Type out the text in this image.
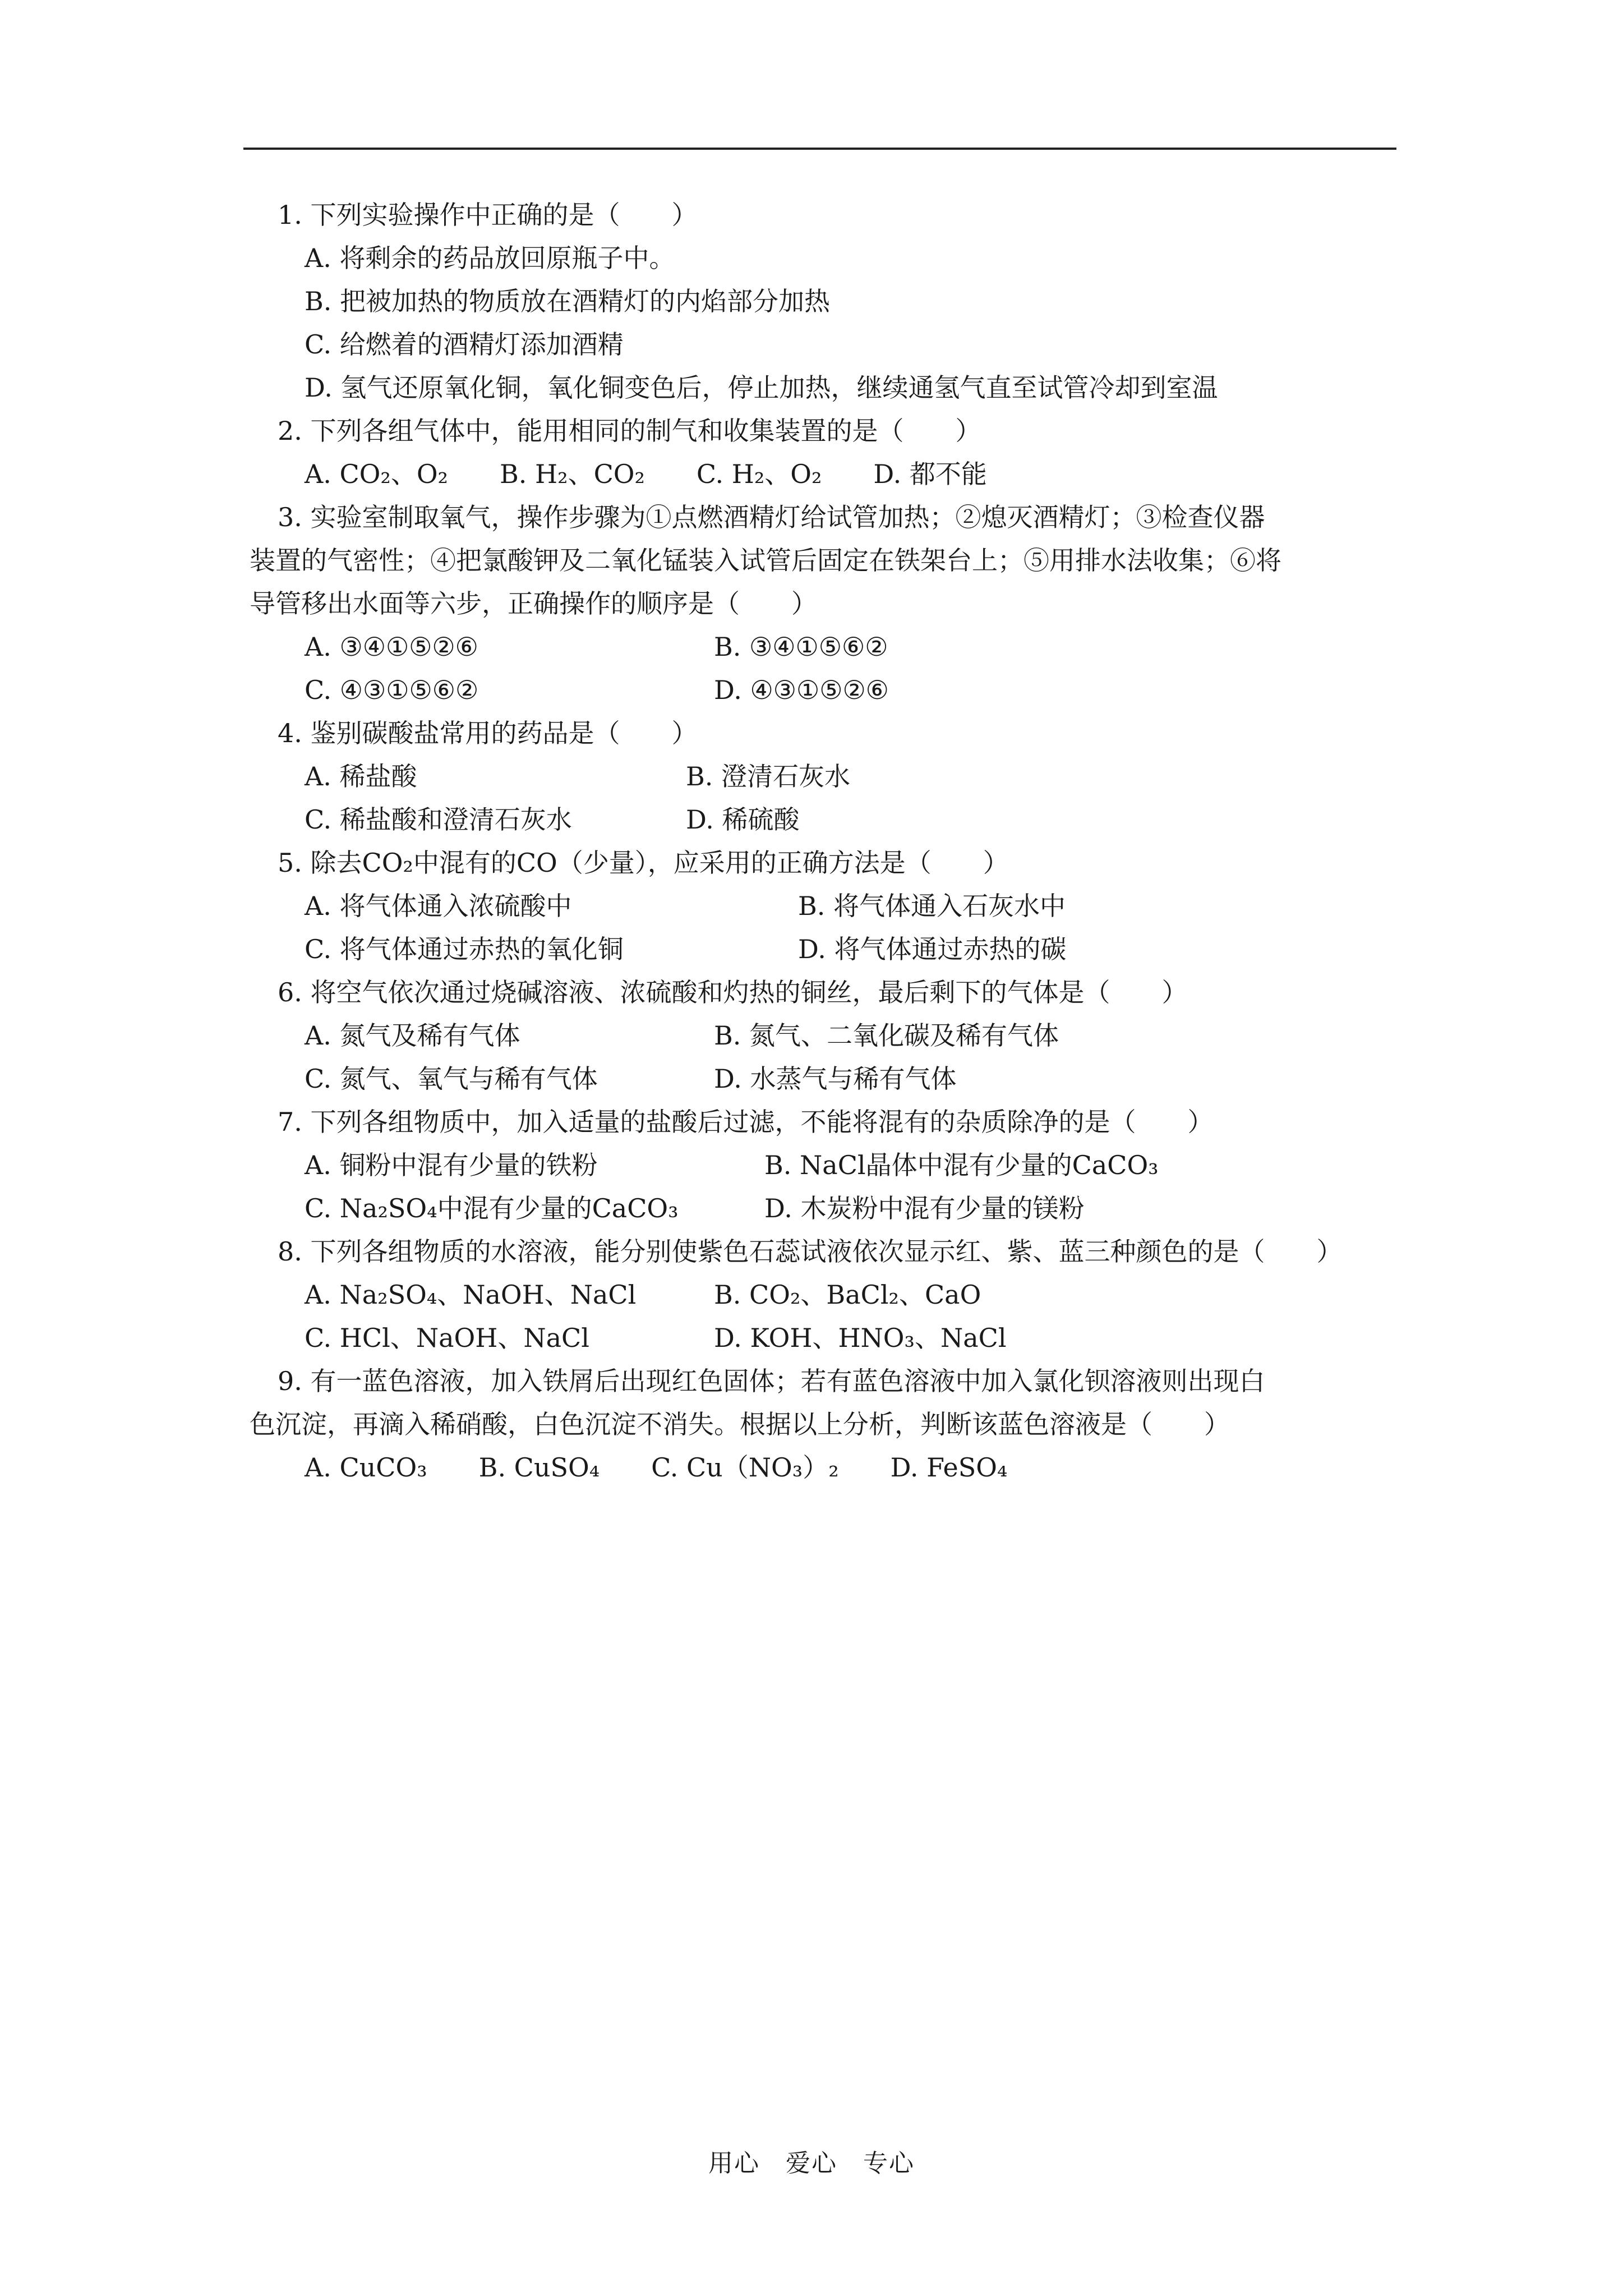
1. 下列实验操作中正确的是（　　）
A. 将剩余的药品放回原瓶子中。
B. 把被加热的物质放在酒精灯的内焰部分加热
C. 给燃着的酒精灯添加酒精
D. 氢气还原氧化铜，氧化铜变色后，停止加热，继续通氢气直至试管冷却到室温
2. 下列各组气体中，能用相同的制气和收集装置的是（　　）
A. CO₂、O₂　　B. H₂、CO₂　　C. H₂、O₂　　D. 都不能
3. 实验室制取氧气，操作步骤为①点燃酒精灯给试管加热；②熄灭酒精灯；③检查仪器
装置的气密性；④把氯酸钾及二氧化锰装入试管后固定在铁架台上；⑤用排水法收集；⑥将
导管移出水面等六步，正确操作的顺序是（　　）
A. ③④①⑤②⑥	B. ③④①⑤⑥②
C. ④③①⑤⑥②	D. ④③①⑤②⑥
4. 鉴别碳酸盐常用的药品是（　　）
A. 稀盐酸	B. 澄清石灰水
C. 稀盐酸和澄清石灰水	D. 稀硫酸
5. 除去CO₂中混有的CO（少量），应采用的正确方法是（　　）
A. 将气体通入浓硫酸中	B. 将气体通入石灰水中
C. 将气体通过赤热的氧化铜	D. 将气体通过赤热的碳
6. 将空气依次通过烧碱溶液、浓硫酸和灼热的铜丝，最后剩下的气体是（　　）
A. 氮气及稀有气体	B. 氮气、二氧化碳及稀有气体
C. 氮气、氧气与稀有气体	D. 水蒸气与稀有气体
7. 下列各组物质中，加入适量的盐酸后过滤，不能将混有的杂质除净的是（　　）
A. 铜粉中混有少量的铁粉	B. NaCl晶体中混有少量的CaCO₃
C. Na₂SO₄中混有少量的CaCO₃	D. 木炭粉中混有少量的镁粉
8. 下列各组物质的水溶液，能分别使紫色石蕊试液依次显示红、紫、蓝三种颜色的是（　　）
A. Na₂SO₄、NaOH、NaCl	B. CO₂、BaCl₂、CaO
C. HCl、NaOH、NaCl	D. KOH、HNO₃、NaCl
9. 有一蓝色溶液，加入铁屑后出现红色固体；若有蓝色溶液中加入氯化钡溶液则出现白
色沉淀，再滴入稀硝酸，白色沉淀不消失。根据以上分析，判断该蓝色溶液是（　　）
A. CuCO₃　　B. CuSO₄　　C. Cu（NO₃）₂　　D. FeSO₄
用心　爱心　专心
